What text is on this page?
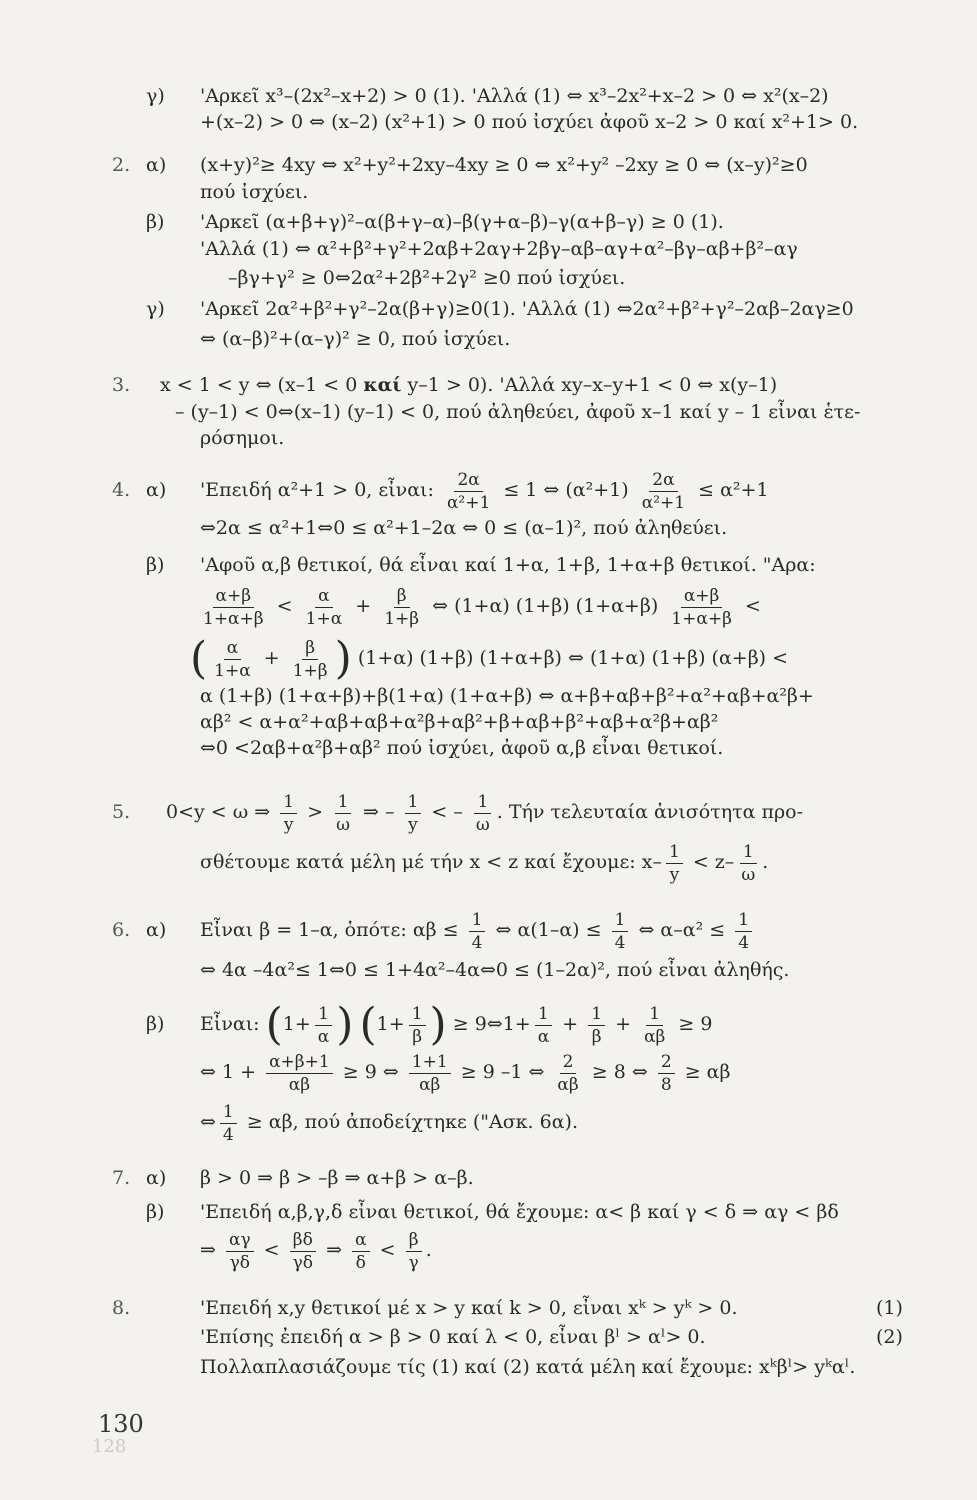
γ) 'Αρκεῖ x³–(2x²–x+2) > 0 (1). 'Αλλά (1) ⇔ x³–2x²+x–2 > 0 ⇔ x²(x–2)
+(x–2) > 0 ⇔ (x–2) (x²+1) > 0 πού ἰσχύει ἀφοῦ x–2 > 0 καί x²+1> 0.
2. α) (x+y)²≥ 4xy ⇔ x²+y²+2xy–4xy ≥ 0 ⇔ x²+y² –2xy ≥ 0 ⇔ (x–y)²≥0
πού ἰσχύει.
β) 'Αρκεῖ (α+β+γ)²–α(β+γ–α)–β(γ+α–β)–γ(α+β–γ) ≥ 0 (1).
'Αλλά (1) ⇔ α²+β²+γ²+2αβ+2αγ+2βγ–αβ–αγ+α²–βγ–αβ+β²–αγ
–βγ+γ² ≥ 0⇔2α²+2β²+2γ² ≥0 πού ἰσχύει.
γ) 'Αρκεῖ 2α²+β²+γ²–2α(β+γ)≥0(1). 'Αλλά (1) ⇔2α²+β²+γ²–2αβ–2αγ≥0
⇔ (α–β)²+(α–γ)² ≥ 0, πού ἰσχύει.
3. x < 1 < y ⇔ (x–1 < 0 καί y–1 > 0). 'Αλλά xy–x–y+1 < 0 ⇔ x(y–1)
– (y–1) < 0⇔(x–1) (y–1) < 0, πού ἀληθεύει, ἀφοῦ x–1 καί y – 1 εἶναι ἑτε-
ρόσημοι.
4. α) 'Επειδή α²+1 > 0, εἶναι: $\frac{2\alpha}{\text{α²+1}} \le 1$ ⇔ $(\alpha^2+1) \frac{2\alpha}{\text{α²+1}} \le \alpha^2+1$
⇔2α ≤ α²+1⇔0 ≤ α²+1–2α ⇔ 0 ≤ (α–1)², πού ἀληθεύει.
β) 'Αφοῦ α,β θετικοί, θά εἶναι καί 1+α, 1+β, 1+α+β θετικοί. "Αρα:
$\frac{\alpha+\beta}{1+\alpha+\beta} < \frac{\alpha}{1+\alpha} + \frac{\beta}{1+\beta}$ ⇔ (1+α) (1+β) $(1+\alpha+\beta) \frac{\alpha+\beta}{1+\alpha+\beta}$ <
( $\frac{\alpha}{1+\alpha} + \frac{\beta}{1+\beta}$ ) (1+α) (1+β) (1+α+β) ⇔ (1+α) (1+β) (α+β) <
α (1+β) (1+α+β)+β(1+α) (1+α+β) ⇔ α+β+αβ+β²+α²+αβ+α²β+
αβ² < α+α²+αβ+αβ+α²β+αβ²+β+αβ+β²+αβ+α²β+αβ²
⇔0 <2αβ+α²β+αβ² πού ἰσχύει, ἀφοῦ α,β εἶναι θετικοί.
5. 0<y < ω ⇒ $\frac{1}{y} > \frac{1}{\omega}$ ⇒ – $\frac{1}{y}$ < – $\frac{1}{\omega}$ . Τήν τελευταία ἀνισότητα προ-
σθέτουμε κατά μέλη μέ τήν x < z καί ἔχουμε: $x- \frac{1}{y} < z- \frac{1}{\omega}$ .
6. α) Εἶναι β = 1–α, ὁπότε: $\alpha\beta \le \frac{1}{4}$ ⇔ $\alpha(1-\alpha) \le \frac{1}{4}$ ⇔ $\alpha-\alpha^2 \le \frac{1}{4}$
⇔ 4α –4α²≤ 1⇔0 ≤ 1+4α²–4α⇔0 ≤ (1–2α)², πού εἶναι ἀληθής.
β) Εἶναι: ($1+ \frac{1}{\alpha}$ ) ($1+ \frac{1}{\beta}$ ) ≥ 9⇔1+ $\frac{1}{\alpha} + \frac{1}{\beta} + \frac{1}{\alpha\beta} \ge 9$
⇔ $1 + \frac{\alpha+\beta+1}{\alpha\beta} \ge 9$ ⇔ $\frac{1+1}{\alpha\beta} \ge 9$ –1 ⇔ $\frac{2}{\alpha\beta} \ge 8$ ⇔ $\frac{2}{8} \ge \alpha\beta$
⇔ $\frac{1}{4} \ge \alpha\beta$, πού ἀποδείχτηκε ("Ασκ. 6α).
7. α) β > 0 ⇒ β > –β ⇒ α+β > α–β.
β) 'Επειδή α,β,γ,δ εἶναι θετικοί, θά ἔχουμε: α< β καί γ < δ ⇒ αγ < βδ
⇒ $\frac{\alpha\gamma}{\gamma\delta} < \frac{\beta\delta}{\gamma\delta}$ ⇒ $\frac{\alpha}{\delta} < \frac{\beta}{\gamma}$ .
8.	'Επειδή x,y θετικοί μέ x > y καί k > 0, εἶναι xᵏ > yᵏ > 0.	(1)
'Επίσης ἐπειδή α > β > 0 καί λ < 0, εἶναι βˡ > αˡ> 0.	(2)
Πολλαπλασιάζουμε τίς (1) καί (2) κατά μέλη καί ἔχουμε: xᵏβˡ> yᵏαˡ.
130
128
